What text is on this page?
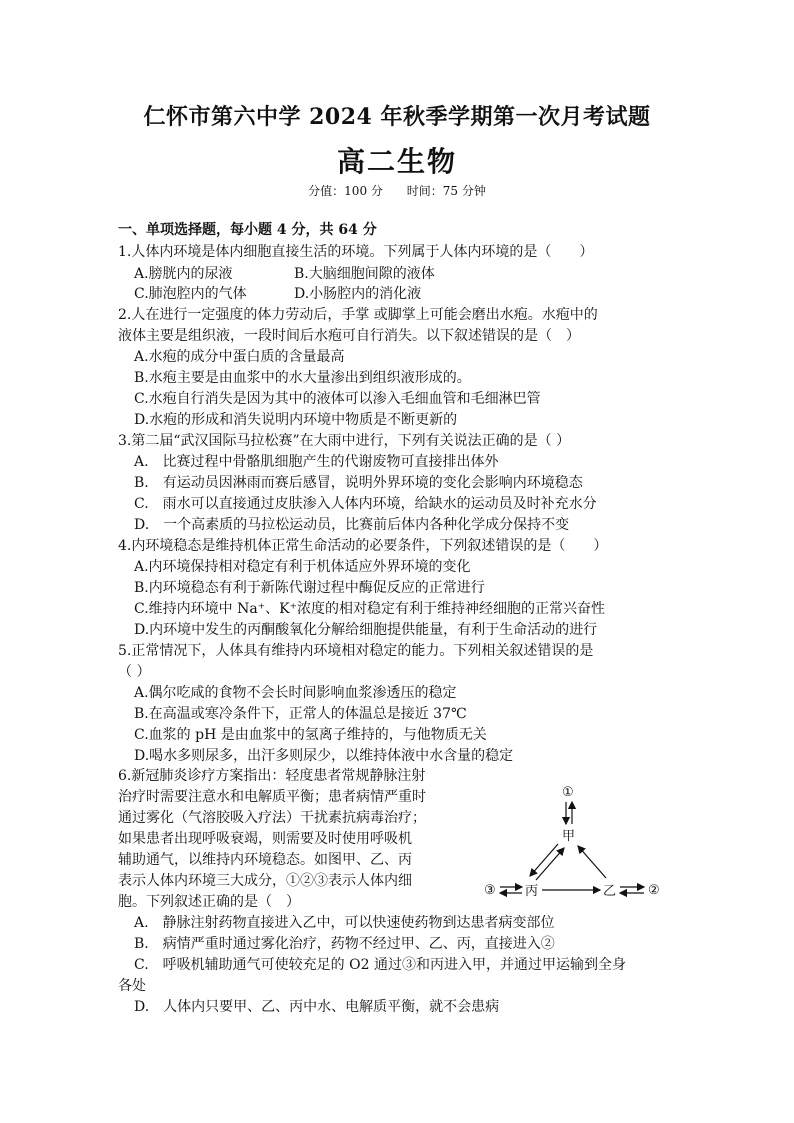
仁怀市第六中学 2024 年秋季学期第一次月考试题
高二生物
分值：100 分 时间：75 分钟
一、单项选择题，每小题 4 分，共 64 分
1.人体内环境是体内细胞直接生活的环境。下列属于人体内环境的是（　　）
A.膀胱内的尿液	B.大脑细胞间隙的液体
C.肺泡腔内的气体	D.小肠腔内的消化液
2.人在进行一定强度的体力劳动后，手掌 或脚掌上可能会磨出水疱。水疱中的
液体主要是组织液，一段时间后水疱可自行消失。以下叙述错误的是（　）
A.水疱的成分中蛋白质的含量最高
B.水疱主要是由血浆中的水大量渗出到组织液形成的。
C.水疱自行消失是因为其中的液体可以渗入毛细血管和毛细淋巴管
D.水疱的形成和消失说明内环境中物质是不断更新的
3.第二届“武汉国际马拉松赛”在大雨中进行，下列有关说法正确的是（ ）
A.　比赛过程中骨骼肌细胞产生的代谢废物可直接排出体外
B.　有运动员因淋雨而赛后感冒，说明外界环境的变化会影响内环境稳态
C.　雨水可以直接通过皮肤渗入人体内环境，给缺水的运动员及时补充水分
D.　一个高素质的马拉松运动员，比赛前后体内各种化学成分保持不变
4.内环境稳态是维持机体正常生命活动的必要条件，下列叙述错误的是（　　）
A.内环境保持相对稳定有利于机体适应外界环境的变化
B.内环境稳态有利于新陈代谢过程中酶促反应的正常进行
C.维持内环境中 Na⁺、K⁺浓度的相对稳定有利于维持神经细胞的正常兴奋性
D.内环境中发生的丙酮酸氧化分解给细胞提供能量，有利于生命活动的进行
5.正常情况下，人体具有维持内环境相对稳定的能力。下列相关叙述错误的是
（ ）
A.偶尔吃咸的食物不会长时间影响血浆渗透压的稳定
B.在高温或寒冷条件下，正常人的体温总是接近 37℃
C.血浆的 pH 是由血浆中的氢离子维持的，与他物质无关
D.喝水多则尿多，出汗多则尿少，以维持体液中水含量的稳定
6.新冠肺炎诊疗方案指出：轻度患者常规静脉注射
治疗时需要注意水和电解质平衡；患者病情严重时
通过雾化（气溶胶吸入疗法）干扰素抗病毒治疗；
如果患者出现呼吸衰竭，则需要及时使用呼吸机
辅助通气，以维持内环境稳态。如图甲、乙、丙
表示人体内环境三大成分，①②③表示人体内细
胞。下列叙述正确的是（　）
A.　静脉注射药物直接进入乙中，可以快速使药物到达患者病变部位
B.　病情严重时通过雾化治疗，药物不经过甲、乙、丙，直接进入②
C.　呼吸机辅助通气可使较充足的 O2 通过③和丙进入甲，并通过甲运输到全身
各处
D.　人体内只要甲、乙、丙中水、电解质平衡，就不会患病
①
甲
③ 丙	乙 ②
